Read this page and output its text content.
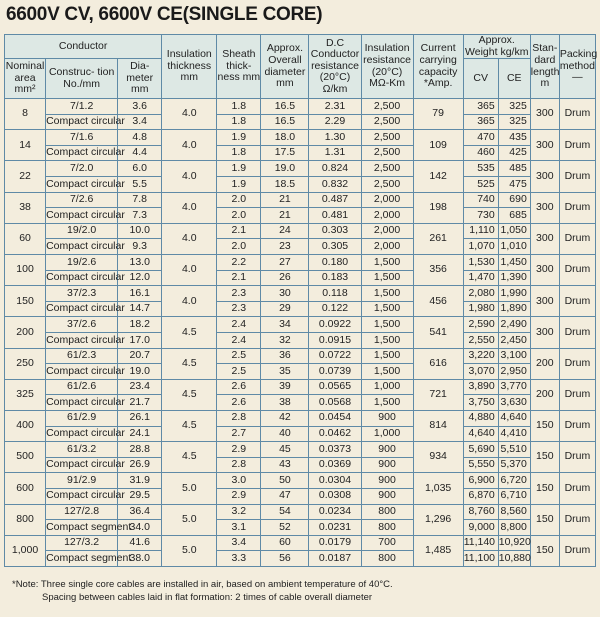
6600V CV, 6600V CE(SINGLE CORE)
Conductor			Insulation thickness mm	Sheath thick- ness mm	Approx. Overall diameter mm	D.C Conductor resistance (20°C) Ω/km	Insulation resistance (20°C) MΩ-Km	Current carrying capacity *Amp.	Approx. Weight kg/km		Stan- dard length m	Packing method —
Nominal area mm²	Construc- tion No./mm	Dia- meter mm							CV	CE		
8	7/1.2	3.6	4.0	1.8	16.5	2.31	2,500	79	365	325	300	Drum
	Compact circular	3.4		1.8	16.5	2.29	2,500		365	325		
14	7/1.6	4.8	4.0	1.9	18.0	1.30	2,500	109	470	435	300	Drum
	Compact circular	4.4		1.8	17.5	1.31	2,500		460	425		
22	7/2.0	6.0	4.0	1.9	19.0	0.824	2,500	142	535	485	300	Drum
	Compact circular	5.5		1.9	18.5	0.832	2,500		525	475		
38	7/2.6	7.8	4.0	2.0	21	0.487	2,000	198	740	690	300	Drum
	Compact circular	7.3		2.0	21	0.481	2,000		730	685		
60	19/2.0	10.0	4.0	2.1	24	0.303	2,000	261	1,110	1,050	300	Drum
	Compact circular	9.3		2.0	23	0.305	2,000		1,070	1,010		
100	19/2.6	13.0	4.0	2.2	27	0.180	1,500	356	1,530	1,450	300	Drum
	Compact circular	12.0		2.1	26	0.183	1,500		1,470	1,390		
150	37/2.3	16.1	4.0	2.3	30	0.118	1,500	456	2,080	1,990	300	Drum
	Compact circular	14.7		2.3	29	0.122	1,500		1,980	1,890		
200	37/2.6	18.2	4.5	2.4	34	0.0922	1,500	541	2,590	2,490	300	Drum
	Compact circular	17.0		2.4	32	0.0915	1,500		2,550	2,450		
250	61/2.3	20.7	4.5	2.5	36	0.0722	1,500	616	3,220	3,100	200	Drum
	Compact circular	19.0		2.5	35	0.0739	1,500		3,070	2,950		
325	61/2.6	23.4	4.5	2.6	39	0.0565	1,000	721	3,890	3,770	200	Drum
	Compact circular	21.7		2.6	38	0.0568	1,500		3,750	3,630		
400	61/2.9	26.1	4.5	2.8	42	0.0454	900	814	4,880	4,640	150	Drum
	Compact circular	24.1		2.7	40	0.0462	1,000		4,640	4,410		
500	61/3.2	28.8	4.5	2.9	45	0.0373	900	934	5,690	5,510	150	Drum
	Compact circular	26.9		2.8	43	0.0369	900		5,550	5,370		
600	91/2.9	31.9	5.0	3.0	50	0.0304	900	1,035	6,900	6,720	150	Drum
	Compact circular	29.5		2.9	47	0.0308	900		6,870	6,710		
800	127/2.8	36.4	5.0	3.2	54	0.0234	800	1,296	8,760	8,560	150	Drum
	Compact segment	34.0		3.1	52	0.0231	800		9,000	8,800		
1,000	127/3.2	41.6	5.0	3.4	60	0.0179	700	1,485	11,140	10,920	150	Drum
	Compact segment	38.0		3.3	56	0.0187	800		11,100	10,880		
*Note: Three single core cables are installed in air, based on ambient temperature of 40°C.
Spacing between cables laid in flat formation: 2 times of cable overall diameter
